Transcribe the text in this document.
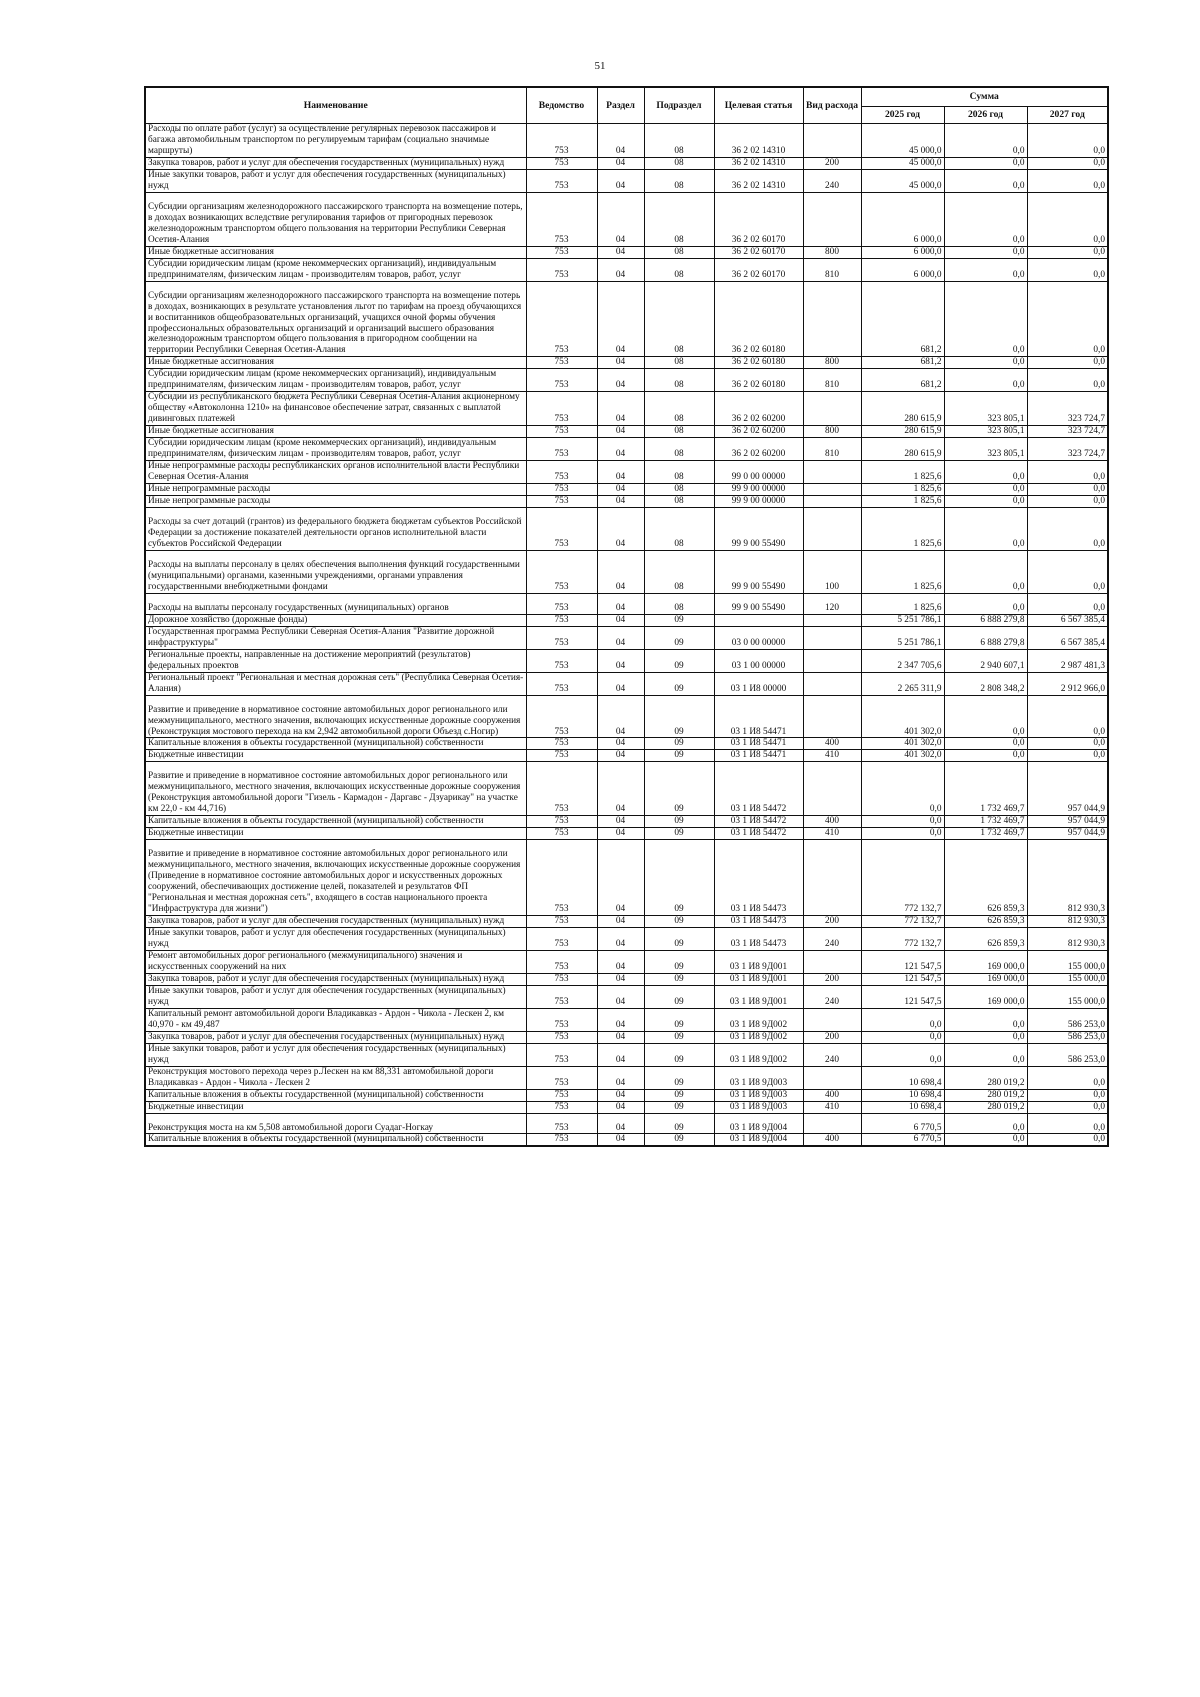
51
Наименование	Ведомство	Раздел	Подраздел	Целевая статья	Вид расхода	Сумма		
						2025 год	2026 год	2027 год
Расходы по оплате работ (услуг) за осуществление регулярных перевозок пассажиров и багажа автомобильным транспортом по регулируемым тарифам (социально значимые маршруты)	753	04	08	36 2 02 14310		45 000,0	0,0	0,0
Закупка товаров, работ и услуг для обеспечения государственных (муниципальных) нужд	753	04	08	36 2 02 14310	200	45 000,0	0,0	0,0
Иные закупки товаров, работ и услуг для обеспечения государственных (муниципальных) нужд	753	04	08	36 2 02 14310	240	45 000,0	0,0	0,0
Субсидии организациям железнодорожного пассажирского транспорта на возмещение потерь, в доходах возникающих вследствие регулирования тарифов от пригородных перевозок железнодорожным транспортом общего пользования на территории Республики Северная Осетия-Алания	753	04	08	36 2 02 60170		6 000,0	0,0	0,0
Иные бюджетные ассигнования	753	04	08	36 2 02 60170	800	6 000,0	0,0	0,0
Субсидии юридическим лицам (кроме некоммерческих организаций), индивидуальным предпринимателям, физическим лицам - производителям товаров, работ, услуг	753	04	08	36 2 02 60170	810	6 000,0	0,0	0,0
Субсидии организациям железнодорожного пассажирского транспорта на возмещение потерь в доходах, возникающих в результате установления льгот по тарифам на проезд обучающихся и воспитанников общеобразовательных организаций, учащихся очной формы обучения профессиональных образовательных организаций и организаций высшего образования железнодорожным транспортом общего пользования в пригородном сообщении на территории Республики Северная Осетия-Алания	753	04	08	36 2 02 60180		681,2	0,0	0,0
Иные бюджетные ассигнования	753	04	08	36 2 02 60180	800	681,2	0,0	0,0
Субсидии юридическим лицам (кроме некоммерческих организаций), индивидуальным предпринимателям, физическим лицам - производителям товаров, работ, услуг	753	04	08	36 2 02 60180	810	681,2	0,0	0,0
Субсидии из республиканского бюджета Республики Северная Осетия-Алания акционерному обществу «Автоколонна 1210» на финансовое обеспечение затрат, связанных с выплатой дивинговых платежей	753	04	08	36 2 02 60200		280 615,9	323 805,1	323 724,7
Иные бюджетные ассигнования	753	04	08	36 2 02 60200	800	280 615,9	323 805,1	323 724,7
Субсидии юридическим лицам (кроме некоммерческих организаций), индивидуальным предпринимателям, физическим лицам - производителям товаров, работ, услуг	753	04	08	36 2 02 60200	810	280 615,9	323 805,1	323 724,7
Иные непрограммные расходы республиканских органов исполнительной власти Республики Северная Осетия-Алания	753	04	08	99 0 00 00000		1 825,6	0,0	0,0
Иные непрограммные расходы	753	04	08	99 9 00 00000		1 825,6	0,0	0,0
Иные непрограммные расходы	753	04	08	99 9 00 00000		1 825,6	0,0	0,0
Расходы за счет дотаций (грантов) из федерального бюджета бюджетам субъектов Российской Федерации за достижение показателей деятельности органов исполнительной власти субъектов Российской Федерации	753	04	08	99 9 00 55490		1 825,6	0,0	0,0
Расходы на выплаты персоналу в целях обеспечения выполнения функций государственными (муниципальными) органами, казенными учреждениями, органами управления государственными внебюджетными фондами	753	04	08	99 9 00 55490	100	1 825,6	0,0	0,0
Расходы на выплаты персоналу государственных (муниципальных) органов	753	04	08	99 9 00 55490	120	1 825,6	0,0	0,0
Дорожное хозяйство (дорожные фонды)	753	04	09			5 251 786,1	6 888 279,8	6 567 385,4
Государственная программа Республики Северная Осетия-Алания "Развитие дорожной инфраструктуры"	753	04	09	03 0 00 00000		5 251 786,1	6 888 279,8	6 567 385,4
Региональные проекты, направленные на достижение мероприятий (результатов) федеральных проектов	753	04	09	03 1 00 00000		2 347 705,6	2 940 607,1	2 987 481,3
Региональный проект "Региональная и местная дорожная сеть" (Республика Северная Осетия-Алания)	753	04	09	03 1 И8 00000		2 265 311,9	2 808 348,2	2 912 966,0
Развитие и приведение в нормативное состояние автомобильных дорог регионального или межмуниципального, местного значения, включающих искусственные дорожные сооружения (Реконструкция мостового перехода на км 2,942 автомобильной дороги Объезд с.Ногир)	753	04	09	03 1 И8 54471		401 302,0	0,0	0,0
Капитальные вложения в объекты государственной (муниципальной) собственности	753	04	09	03 1 И8 54471	400	401 302,0	0,0	0,0
Бюджетные инвестиции	753	04	09	03 1 И8 54471	410	401 302,0	0,0	0,0
Развитие и приведение в нормативное состояние автомобильных дорог регионального или межмуниципального, местного значения, включающих искусственные дорожные сооружения (Реконструкция автомобильной дороги "Гизель - Кармадон - Даргавс - Дзуарикау" на участке км 22,0 - км 44,716)	753	04	09	03 1 И8 54472		0,0	1 732 469,7	957 044,9
Капитальные вложения в объекты государственной (муниципальной) собственности	753	04	09	03 1 И8 54472	400	0,0	1 732 469,7	957 044,9
Бюджетные инвестиции	753	04	09	03 1 И8 54472	410	0,0	1 732 469,7	957 044,9
Развитие и приведение в нормативное состояние автомобильных дорог регионального или межмуниципального, местного значения, включающих искусственные дорожные сооружения (Приведение в нормативное состояние автомобильных дорог и искусственных дорожных сооружений, обеспечивающих достижение целей, показателей и результатов ФП "Региональная и местная дорожная сеть", входящего в состав национального проекта "Инфраструктура для жизни")	753	04	09	03 1 И8 54473		772 132,7	626 859,3	812 930,3
Закупка товаров, работ и услуг для обеспечения государственных (муниципальных) нужд	753	04	09	03 1 И8 54473	200	772 132,7	626 859,3	812 930,3
Иные закупки товаров, работ и услуг для обеспечения государственных (муниципальных) нужд	753	04	09	03 1 И8 54473	240	772 132,7	626 859,3	812 930,3
Ремонт автомобильных дорог регионального (межмуниципального) значения и искусственных сооружений на них	753	04	09	03 1 И8 9Д001		121 547,5	169 000,0	155 000,0
Закупка товаров, работ и услуг для обеспечения государственных (муниципальных) нужд	753	04	09	03 1 И8 9Д001	200	121 547,5	169 000,0	155 000,0
Иные закупки товаров, работ и услуг для обеспечения государственных (муниципальных) нужд	753	04	09	03 1 И8 9Д001	240	121 547,5	169 000,0	155 000,0
Капитальный ремонт автомобильной дороги Владикавказ - Ардон - Чикола - Лескен 2, км 40,970 - км 49,487	753	04	09	03 1 И8 9Д002		0,0	0,0	586 253,0
Закупка товаров, работ и услуг для обеспечения государственных (муниципальных) нужд	753	04	09	03 1 И8 9Д002	200	0,0	0,0	586 253,0
Иные закупки товаров, работ и услуг для обеспечения государственных (муниципальных) нужд	753	04	09	03 1 И8 9Д002	240	0,0	0,0	586 253,0
Реконструкция мостового перехода через р.Лескен на км 88,331 автомобильной дороги Владикавказ - Ардон - Чикола - Лескен 2	753	04	09	03 1 И8 9Д003		10 698,4	280 019,2	0,0
Капитальные вложения в объекты государственной (муниципальной) собственности	753	04	09	03 1 И8 9Д003	400	10 698,4	280 019,2	0,0
Бюджетные инвестиции	753	04	09	03 1 И8 9Д003	410	10 698,4	280 019,2	0,0
Реконструкция моста на км 5,508 автомобильной дороги Суадаг-Ногкау	753	04	09	03 1 И8 9Д004		6 770,5	0,0	0,0
Капитальные вложения в объекты государственной (муниципальной) собственности	753	04	09	03 1 И8 9Д004	400	6 770,5	0,0	0,0
